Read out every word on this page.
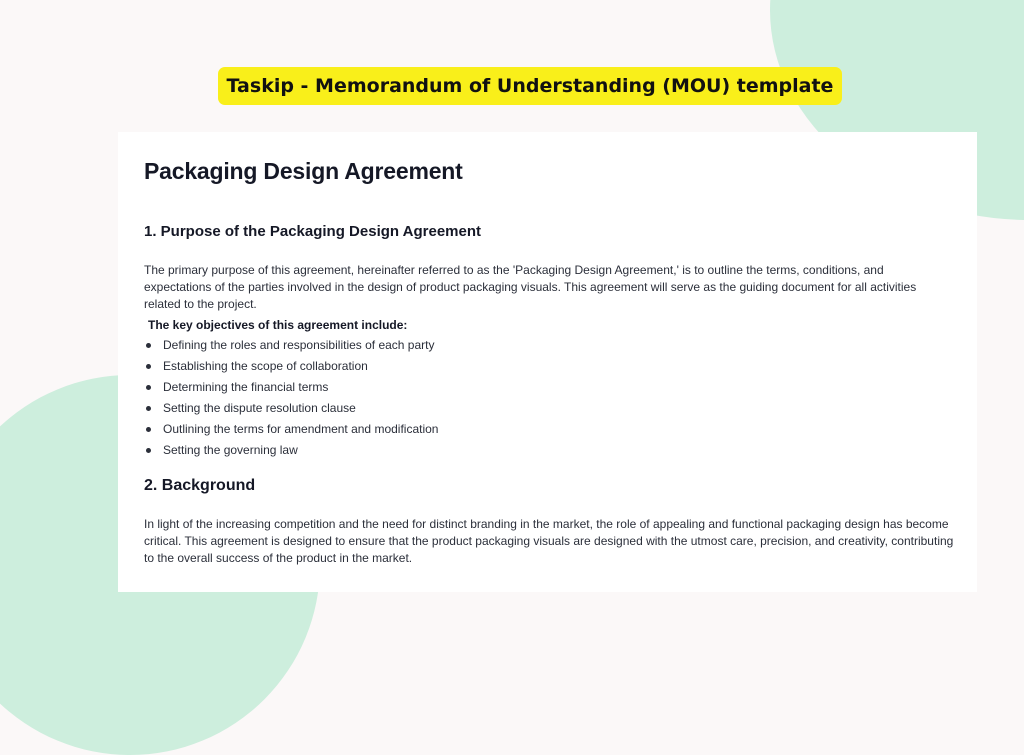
Taskip - Memorandum of Understanding (MOU) template
Packaging Design Agreement
1. Purpose of the Packaging Design Agreement

The primary purpose of this agreement, hereinafter referred to as the 'Packaging Design Agreement,' is to outline the terms, conditions, and expectations of the parties involved in the design of product packaging visuals. This agreement will serve as the guiding document for all activities related to the project.

The key objectives of this agreement include:

Defining the roles and responsibilities of each party
Establishing the scope of collaboration
Determining the financial terms
Setting the dispute resolution clause
Outlining the terms for amendment and modification
Setting the governing law
2. Background

In light of the increasing competition and the need for distinct branding in the market, the role of appealing and functional packaging design has become critical. This agreement is designed to ensure that the product packaging visuals are designed with the utmost care, precision, and creativity, contributing to the overall success of the product in the market.
